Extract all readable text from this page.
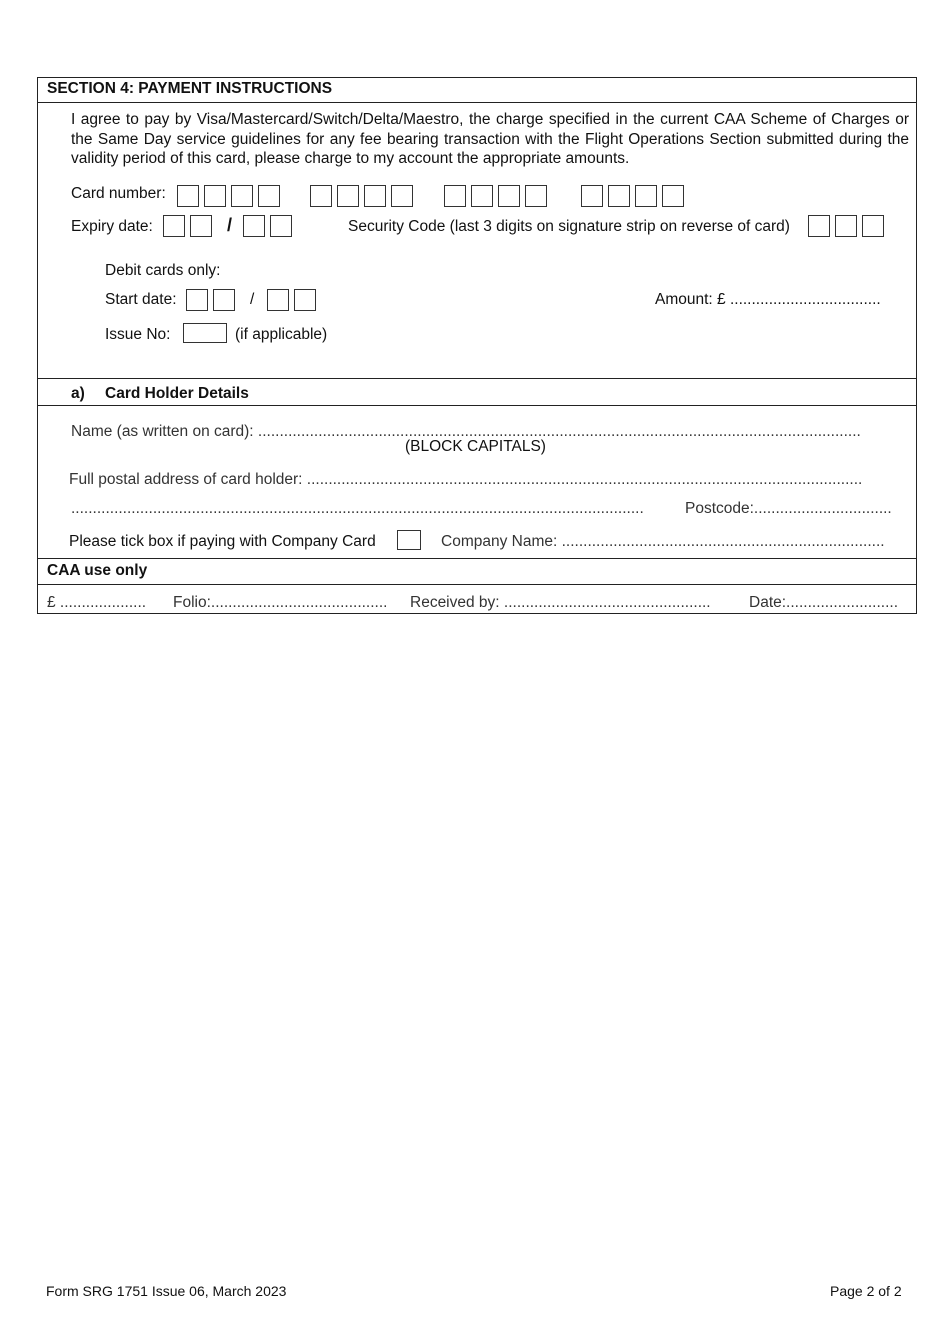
SECTION 4: PAYMENT INSTRUCTIONS
I agree to pay by Visa/Mastercard/Switch/Delta/Maestro, the charge specified in the current CAA Scheme of Charges or the Same Day service guidelines for any fee bearing transaction with the Flight Operations Section submitted during the validity period of this card, please charge to my account the appropriate amounts.
Card number:
Expiry date:	/	Security Code (last 3 digits on signature strip on reverse of card)
Debit cards only:
Start date:	/	Amount: £ ...................................
Issue No:	(if applicable)
a) Card Holder Details
Name (as written on card): ............................................................................................................................................
(BLOCK CAPITALS)
Full postal address of card holder: .................................................................................................................................
.....................................................................................................................................	Postcode:................................
Please tick box if paying with Company Card	Company Name: ...........................................................................
CAA use only
£ .................... Folio:......................................... Received by: ................................................ Date:..........................
Form SRG 1751 Issue 06, March 2023	Page 2 of 2
